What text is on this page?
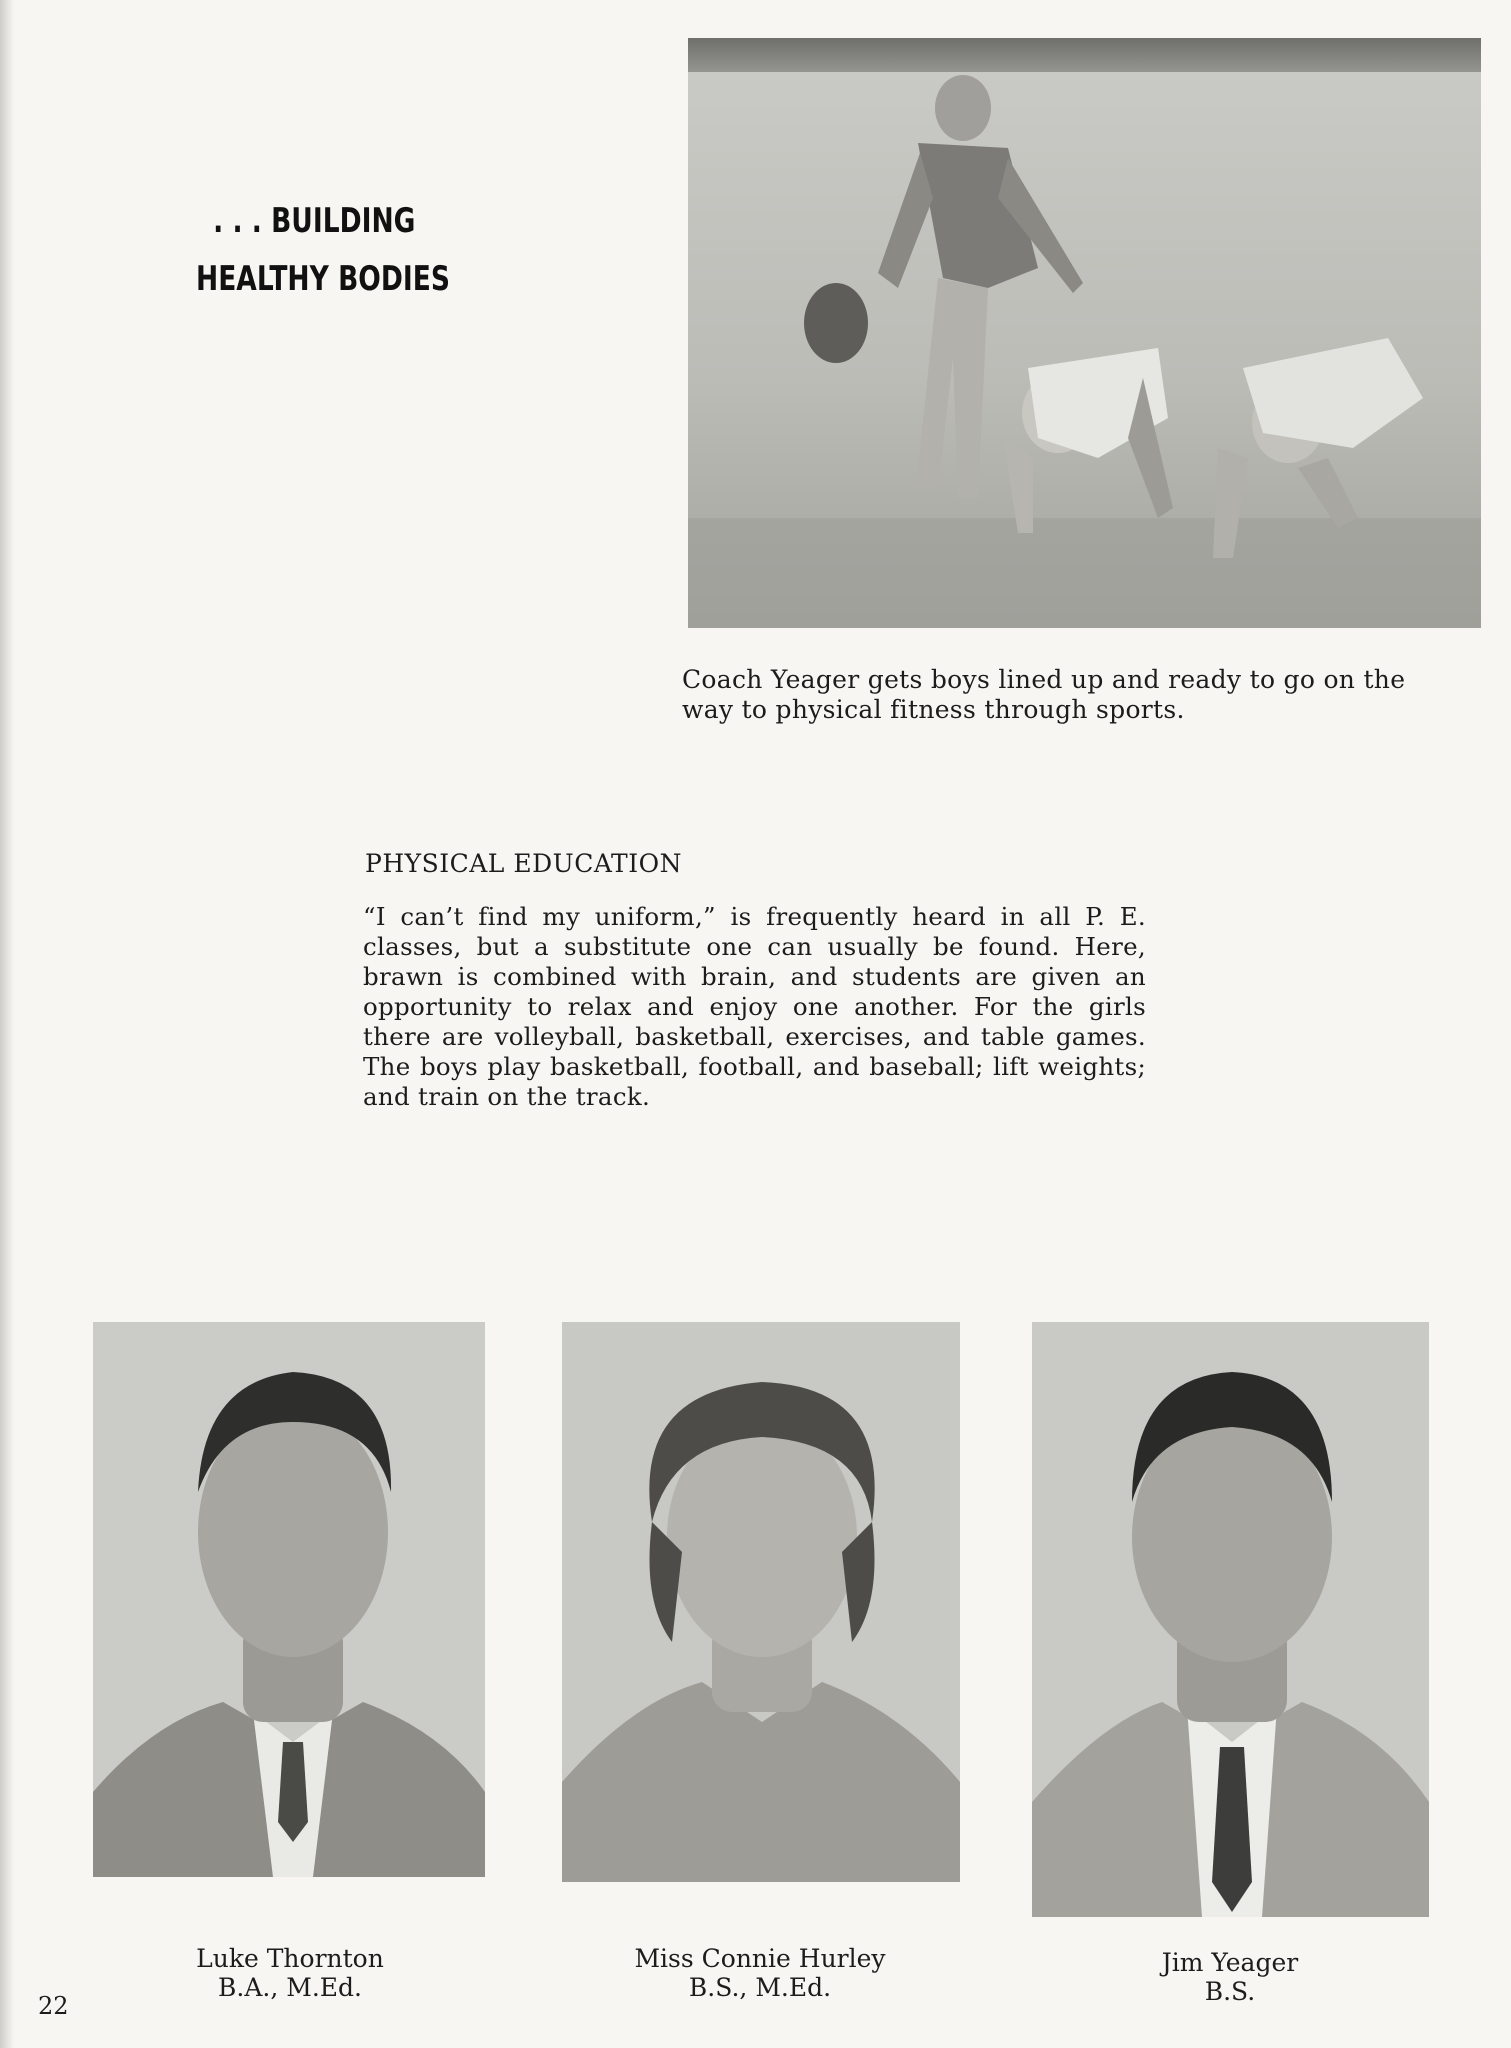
. . . BUILDING
HEALTHY BODIES
Coach Yeager gets boys lined up and ready to go on the way to physical fitness through sports.
PHYSICAL EDUCATION
“I can’t find my uniform,” is frequently heard in all P. E. classes, but a substitute one can usually be found. Here, brawn is combined with brain, and students are given an opportunity to relax and enjoy one another. For the girls there are volleyball, basketball, exercises, and table games. The boys play basketball, football, and baseball; lift weights; and train on the track.
Luke Thornton
B.A., M.Ed.
Miss Connie Hurley
B.S., M.Ed.
Jim Yeager
B.S.
22
